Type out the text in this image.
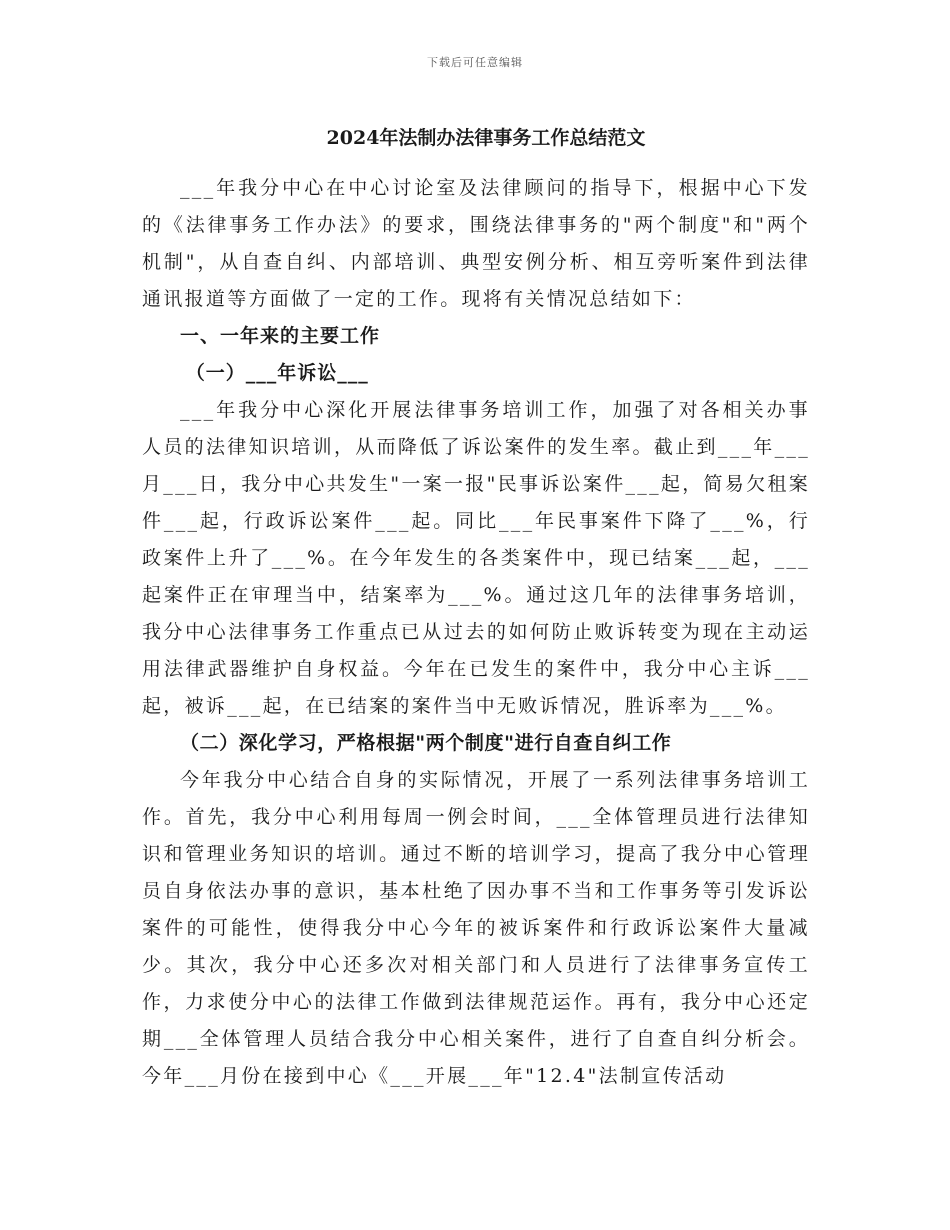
下载后可任意编辑
2024年法制办法律事务工作总结范文

___年我分中心在中心讨论室及法律顾问的指导下，根据中心下发的《法律事务工作办法》的要求，围绕法律事务的"两个制度"和"两个机制"，从自查自纠、内部培训、典型安例分析、相互旁听案件到法律通讯报道等方面做了一定的工作。现将有关情况总结如下：

一、一年来的主要工作
（一）___年诉讼___

___年我分中心深化开展法律事务培训工作，加强了对各相关办事人员的法律知识培训，从而降低了诉讼案件的发生率。截止到___年___月___日，我分中心共发生"一案一报"民事诉讼案件___起，简易欠租案件___起，行政诉讼案件___起。同比___年民事案件下降了___%，行政案件上升了___%。在今年发生的各类案件中，现已结案___起，___起案件正在审理当中，结案率为___%。通过这几年的法律事务培训，我分中心法律事务工作重点已从过去的如何防止败诉转变为现在主动运用法律武器维护自身权益。今年在已发生的案件中，我分中心主诉___起，被诉___起，在已结案的案件当中无败诉情况，胜诉率为___%。

（二）深化学习，严格根据"两个制度"进行自查自纠工作

今年我分中心结合自身的实际情况，开展了一系列法律事务培训工作。首先，我分中心利用每周一例会时间，___全体管理员进行法律知识和管理业务知识的培训。通过不断的培训学习，提高了我分中心管理员自身依法办事的意识，基本杜绝了因办事不当和工作事务等引发诉讼案件的可能性，使得我分中心今年的被诉案件和行政诉讼案件大量减少。其次，我分中心还多次对相关部门和人员进行了法律事务宣传工作，力求使分中心的法律工作做到法律规范运作。再有，我分中心还定期___全体管理人员结合我分中心相关案件，进行了自查自纠分析会。今年___月份在接到中心《___开展___年"12.4"法制宣传活动
